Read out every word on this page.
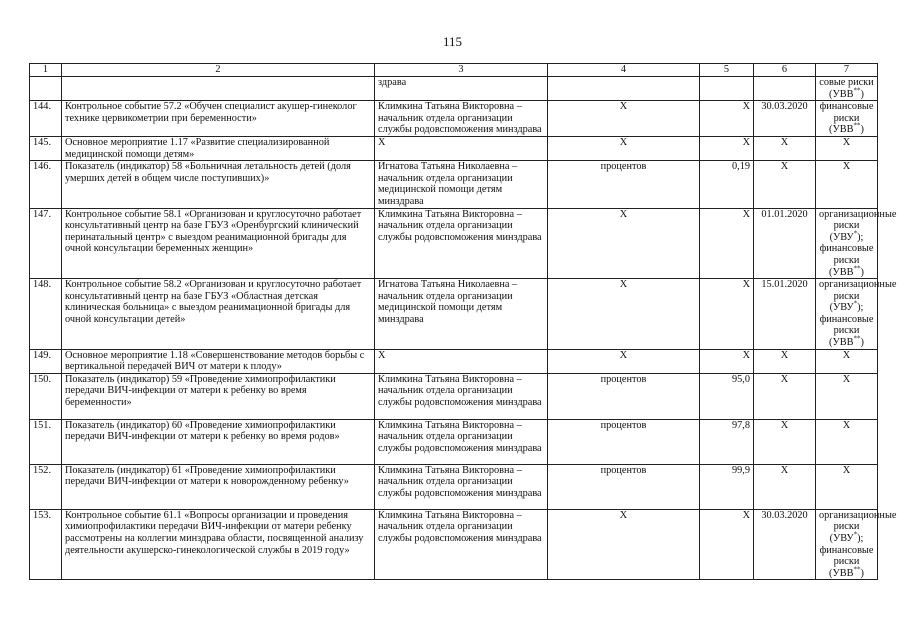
115
1	2	3	4	5	6	7
		здрава				совые риски (УВВ**)
144.	Контрольное событие 57.2 «Обучен специалист акушер-гинеколог технике цервикометрии при беременности»	Климкина Татьяна Викторовна – начальник отдела организации службы родовспоможения минздрава	Х	Х	30.03.2020	финансовые риски (УВВ**)
145.	Основное мероприятие 1.17 «Развитие специализированной медицинской помощи детям»	Х	Х	Х	Х	Х
146.	Показатель (индикатор) 58 «Больничная летальность детей (доля умерших детей в общем числе поступивших)»	Игнатова Татьяна Николаевна – начальник отдела организации медицинской помощи детям минздрава	процентов	0,19	Х	Х
147.	Контрольное событие 58.1 «Организован и круглосуточно работает консультативный центр на базе ГБУЗ «Оренбургский клинический перинатальный центр» с выездом реанимационной бригады для очной консультации беременных женщин»	Климкина Татьяна Викторовна – начальник отдела организации службы родовспоможения минздрава	Х	Х	01.01.2020	организационные риски (УВУ*); финансовые риски (УВВ**)
148.	Контрольное событие 58.2 «Организован и круглосуточно работает консультативный центр на базе ГБУЗ «Областная детская клиническая больница» с выездом реанимационной бригады для очной консультации детей»	Игнатова Татьяна Николаевна – начальник отдела организации медицинской помощи детям минздрава	Х	Х	15.01.2020	организационные риски (УВУ*); финансовые риски (УВВ**)
149.	Основное мероприятие 1.18 «Совершенствование методов борьбы с вертикальной передачей ВИЧ от матери к плоду»	Х	Х	Х	Х	Х
150.	Показатель (индикатор) 59 «Проведение химиопрофилактики передачи ВИЧ-инфекции от матери к ребенку во время беременности»	Климкина Татьяна Викторовна – начальник отдела организации службы родовспоможения минздрава	процентов	95,0	Х	Х
151.	Показатель (индикатор) 60 «Проведение химиопрофилактики передачи ВИЧ-инфекции от матери к ребенку во время родов»	Климкина Татьяна Викторовна – начальник отдела организации службы родовспоможения минздрава	процентов	97,8	Х	Х
152.	Показатель (индикатор) 61 «Проведение химиопрофилактики передачи ВИЧ-инфекции от матери к новорожденному ребенку»	Климкина Татьяна Викторовна – начальник отдела организации службы родовспоможения минздрава	процентов	99,9	Х	Х
153.	Контрольное событие 61.1 «Вопросы организации и проведения химиопрофилактики передачи ВИЧ-инфекции от матери ребенку рассмотрены на коллегии минздрава области, посвященной анализу деятельности акушерско-гинекологической службы в 2019 году»	Климкина Татьяна Викторовна – начальник отдела организации службы родовспоможения минздрава	Х	Х	30.03.2020	организационные риски (УВУ*); финансовые риски (УВВ**)
